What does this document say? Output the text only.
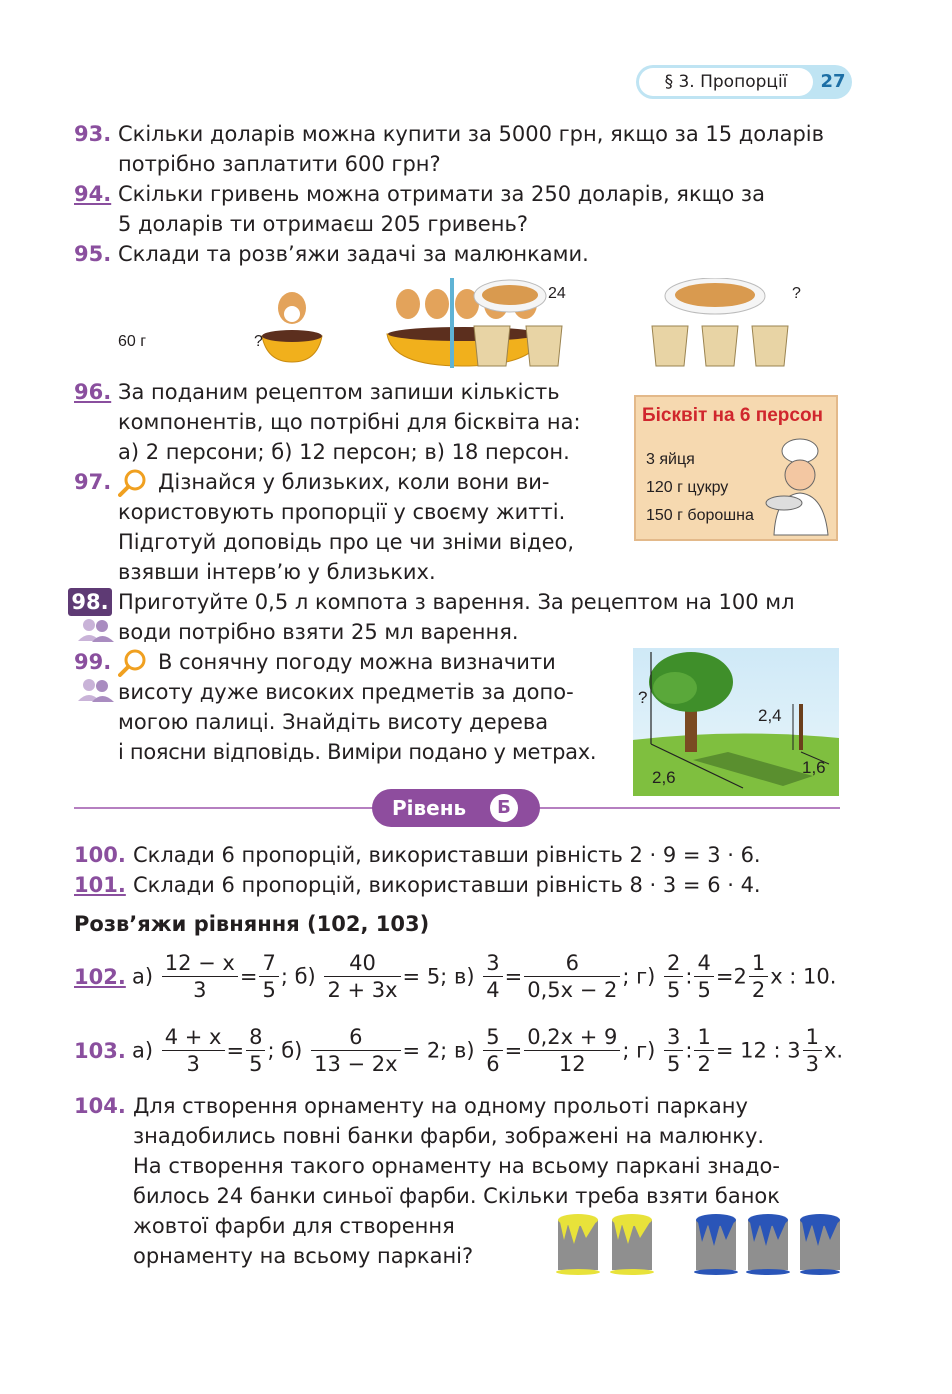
§ 3. Пропорції	27
93. Скільки доларів можна купити за 5000 грн, якщо за 15 доларів
потрібно заплатити 600 грн?
94. Скільки гривень можна отримати за 250 доларів, якщо за
5 доларів ти отримаєш 205 гривень?
95. Склади та розв’яжи задачі за малюнками.
60 г	?
24	?
96. За поданим рецептом запиши кількість
компонентів, що потрібні для бісквіта на:
а) 2 персони; б) 12 персон; в) 18 персон.
Бісквіт на 6 персон
3 яйця
120 г цукру
150 г борошна
97. Дізнайся у близьких, коли вони ви-
користовують пропорції у своєму житті.
Підготуй доповідь про це чи зніми відео,
взявши інтерв’ю у близьких.
98. Приготуйте 0,5 л компота з варення. За рецептом на 100 мл
води потрібно взяти 25 мл варення.
99. В сонячну погоду можна визначити
висоту дуже високих предметів за допо-
могою палиці. Знайдіть висоту дерева
і поясни відповідь. Виміри подано у метрах.
?
2,4
2,6
1,6
Рівень	Б
100. Склади 6 пропорцій, використавши рівність 2 · 9 = 3 · 6.
101. Склади 6 пропорцій, використавши рівність 8 · 3 = 6 · 4.
Розв’яжи рівняння (102, 103)
102. $а) \frac{12 - x}{3} = \frac{7}{5}$ ; $б) \frac{40}{2 + 3x} = 5$; $в) \frac{3}{4} = \frac{6}{0,5x - 2}$ ; $г) \frac{2}{5}$ : $\frac{4}{5} =2 \frac{1}{2}$ x : 10.
103. $а) \frac{4 + x}{3} = \frac{8}{5}$ ; $б) \frac{6}{13 - 2x} = 2$; $в) \frac{5}{6} = \frac{0,2x + 9}{12}$ ; $г) \frac{3}{5}$ : $\frac{1}{2} = 12$ : $3 \frac{1}{3} x$.
104. Для створення орнаменту на одному прольоті паркану
знадобились повні банки фарби, зображені на малюнку.
На створення такого орнаменту на всьому паркані знадо-
билось 24 банки синьої фарби. Скільки треба взяти банок
жовтої фарби для створення
орнаменту на всьому паркані?
